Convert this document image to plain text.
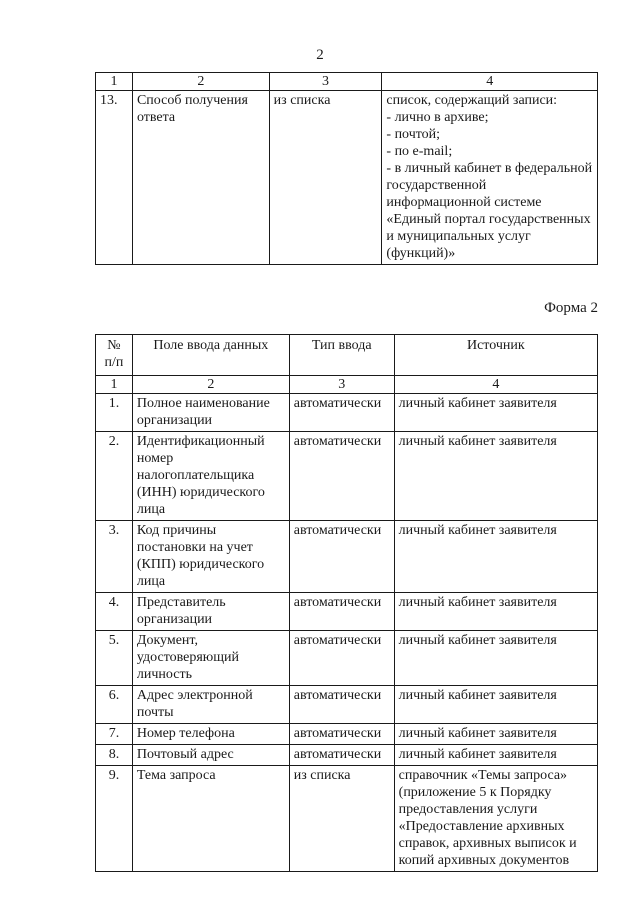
2
1	2	3	4
13.	Способ получения ответа	из списка	список, содержащий записи:
- лично в архиве;
- почтой;
- по e-mail;
- в личный кабинет в федеральной государственной информационной системе «Единый портал государственных и муниципальных услуг (функций)»
Форма 2
№ п/п	Поле ввода данных	Тип ввода	Источник
1	2	3	4
1.	Полное наименование организации	автоматически	личный кабинет заявителя
2.	Идентификационный номер налогоплательщика (ИНН) юридического лица	автоматически	личный кабинет заявителя
3.	Код причины постановки на учет (КПП) юридического лица	автоматически	личный кабинет заявителя
4.	Представитель организации	автоматически	личный кабинет заявителя
5.	Документ, удостоверяющий личность	автоматически	личный кабинет заявителя
6.	Адрес электронной почты	автоматически	личный кабинет заявителя
7.	Номер телефона	автоматически	личный кабинет заявителя
8.	Почтовый адрес	автоматически	личный кабинет заявителя
9.	Тема запроса	из списка	справочник «Темы запроса» (приложение 5 к Порядку предоставления услуги «Предоставление архивных справок, архивных выписок и копий архивных документов
